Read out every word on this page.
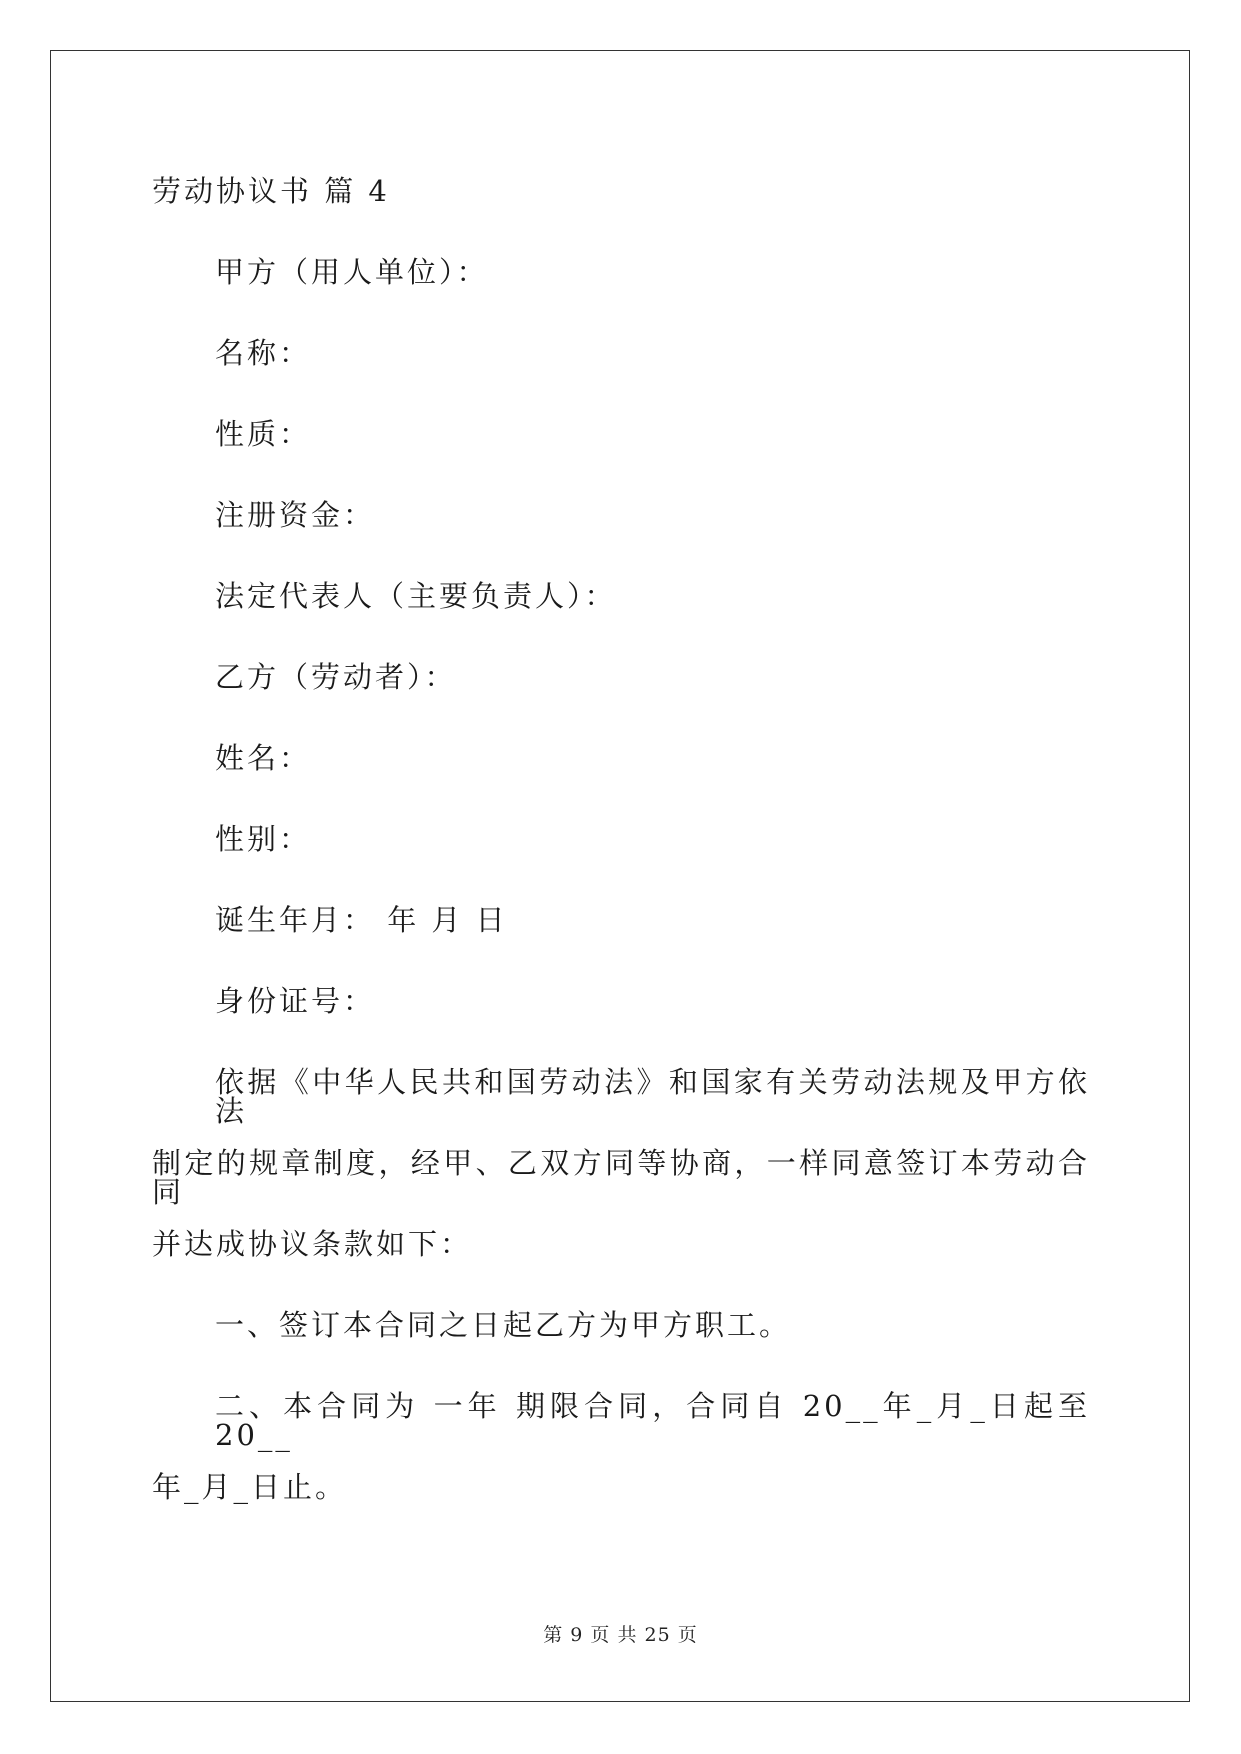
劳动协议书 篇 4
甲方（用人单位）：
名称：
性质：
注册资金：
法定代表人（主要负责人）：
乙方（劳动者）：
姓名：
性别：
诞生年月： 年 月 日
身份证号：
依据《中华人民共和国劳动法》和国家有关劳动法规及甲方依法
制定的规章制度，经甲、乙双方同等协商，一样同意签订本劳动合同
并达成协议条款如下：
一、签订本合同之日起乙方为甲方职工。
二、本合同为 一年 期限合同，合同自 20__年_月_日起至 20__
年_月_日止。
第 9 页 共 25 页
